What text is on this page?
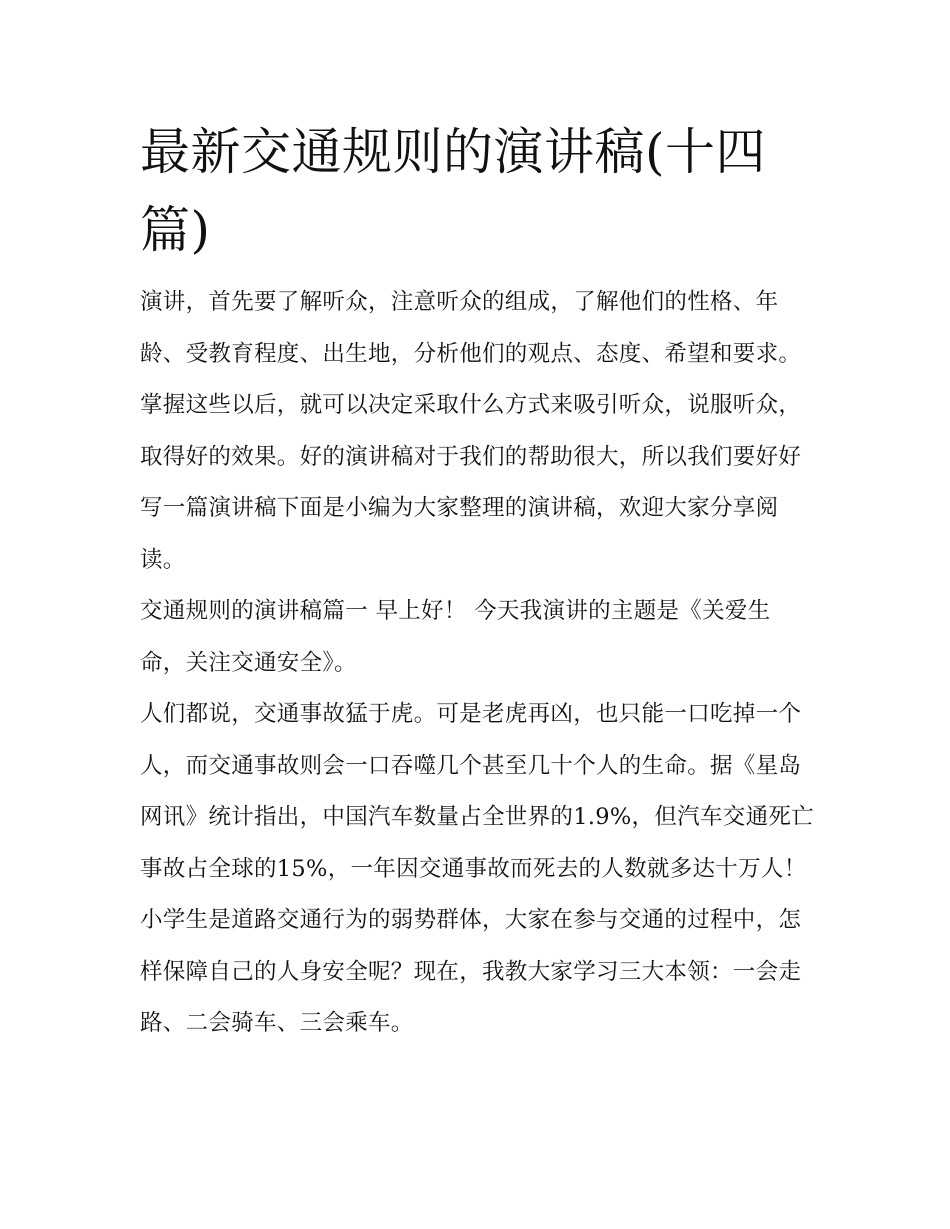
最新交通规则的演讲稿(十四篇)

演讲，首先要了解听众，注意听众的组成，了解他们的性格、年龄、受教育程度、出生地，分析他们的观点、态度、希望和要求。掌握这些以后，就可以决定采取什么方式来吸引听众，说服听众，取得好的效果。好的演讲稿对于我们的帮助很大，所以我们要好好写一篇演讲稿下面是小编为大家整理的演讲稿，欢迎大家分享阅读。

交通规则的演讲稿篇一 早上好！ 今天我演讲的主题是《关爱生命，关注交通安全》。

人们都说，交通事故猛于虎。可是老虎再凶，也只能一口吃掉一个人，而交通事故则会一口吞噬几个甚至几十个人的生命。据《星岛网讯》统计指出，中国汽车数量占全世界的1.9%，但汽车交通死亡事故占全球的15%，一年因交通事故而死去的人数就多达十万人！

小学生是道路交通行为的弱势群体，大家在参与交通的过程中，怎样保障自己的人身安全呢？现在，我教大家学习三大本领：一会走路、二会骑车、三会乘车。
